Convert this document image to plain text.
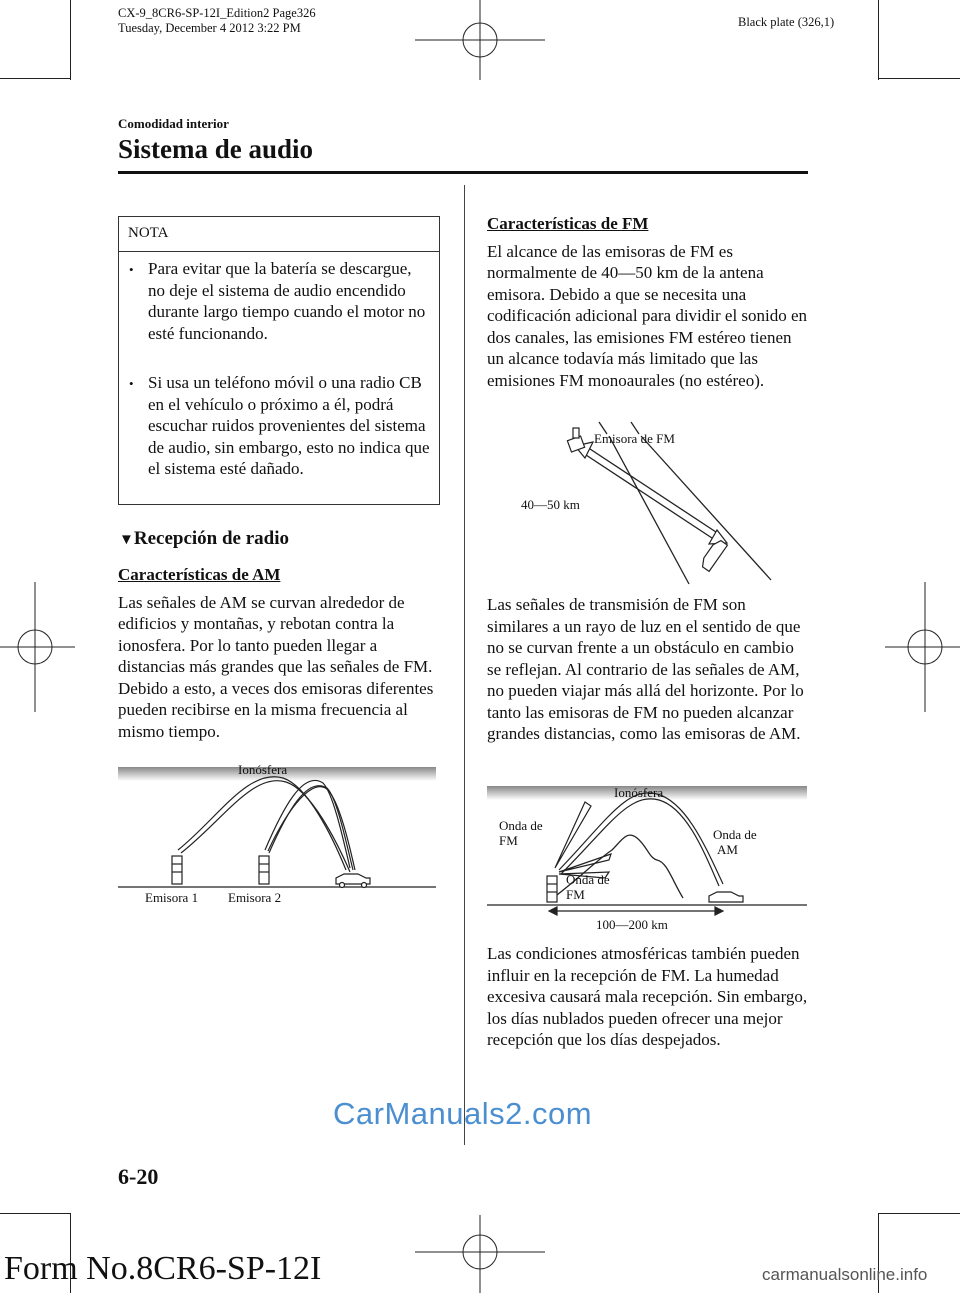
CX-9_8CR6-SP-12I_Edition2 Page326
Tuesday, December 4 2012 3:22 PM	Black plate (326,1)
Comodidad interior
Sistema de audio
NOTA
• Para evitar que la batería se descargue, no deje el sistema de audio encendido durante largo tiempo cuando el motor no esté funcionando.
• Si usa un teléfono móvil o una radio CB en el vehículo o próximo a él, podrá escuchar ruidos provenientes del sistema de audio, sin embargo, esto no indica que el sistema esté dañado.
▼Recepción de radio

Características de AM

Las señales de AM se curvan alrededor de edificios y montañas, y rebotan contra la ionosfera. Por lo tanto pueden llegar a distancias más grandes que las señales de FM. Debido a esto, a veces dos emisoras diferentes pueden recibirse en la misma frecuencia al mismo tiempo.

Ionósfera
Emisora 1 Emisora 2

Características de FM

El alcance de las emisoras de FM es normalmente de 40―50 km de la antena emisora. Debido a que se necesita una codificación adicional para dividir el sonido en dos canales, las emisiones FM estéreo tienen un alcance todavía más limitado que las emisiones FM monoaurales (no estéreo).

Emisora de FM
40―50 km

Las señales de transmisión de FM son similares a un rayo de luz en el sentido de que no se curvan frente a un obstáculo en cambio se reflejan. Al contrario de las señales de AM, no pueden viajar más allá del horizonte. Por lo tanto las emisoras de FM no pueden alcanzar grandes distancias, como las emisoras de AM.

Ionósfera
Onda de
FM	Onda de
AM
Onda de
FM
100―200 km

Las condiciones atmosféricas también pueden influir en la recepción de FM. La humedad excesiva causará mala recepción. Sin embargo, los días nublados pueden ofrecer una mejor recepción que los días despejados.

CarManuals2.com
6-20
Form No.8CR6-SP-12I	carmanualsonline.info
